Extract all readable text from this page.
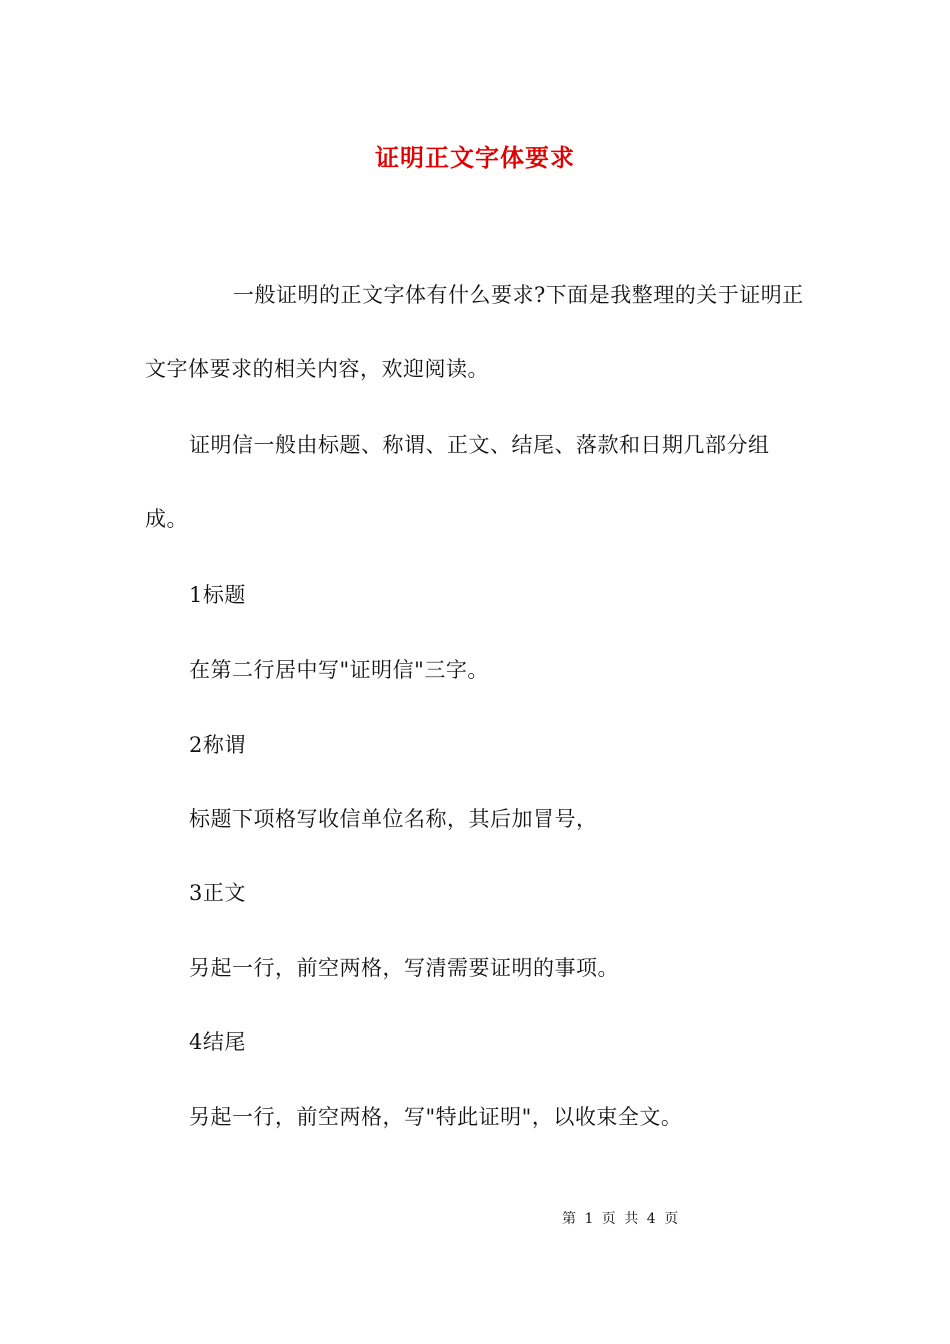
证明正文字体要求

一般证明的正文字体有什么要求?下面是我整理的关于证明正文字体要求的相关内容，欢迎阅读。

证明信一般由标题、称谓、正文、结尾、落款和日期几部分组成。

1标题

在第二行居中写"证明信"三字。

2称谓

标题下项格写收信单位名称，其后加冒号，

3正文

另起一行，前空两格，写清需要证明的事项。

4结尾

另起一行，前空两格，写"特此证明"，以收束全文。

第 1 页 共 4 页
